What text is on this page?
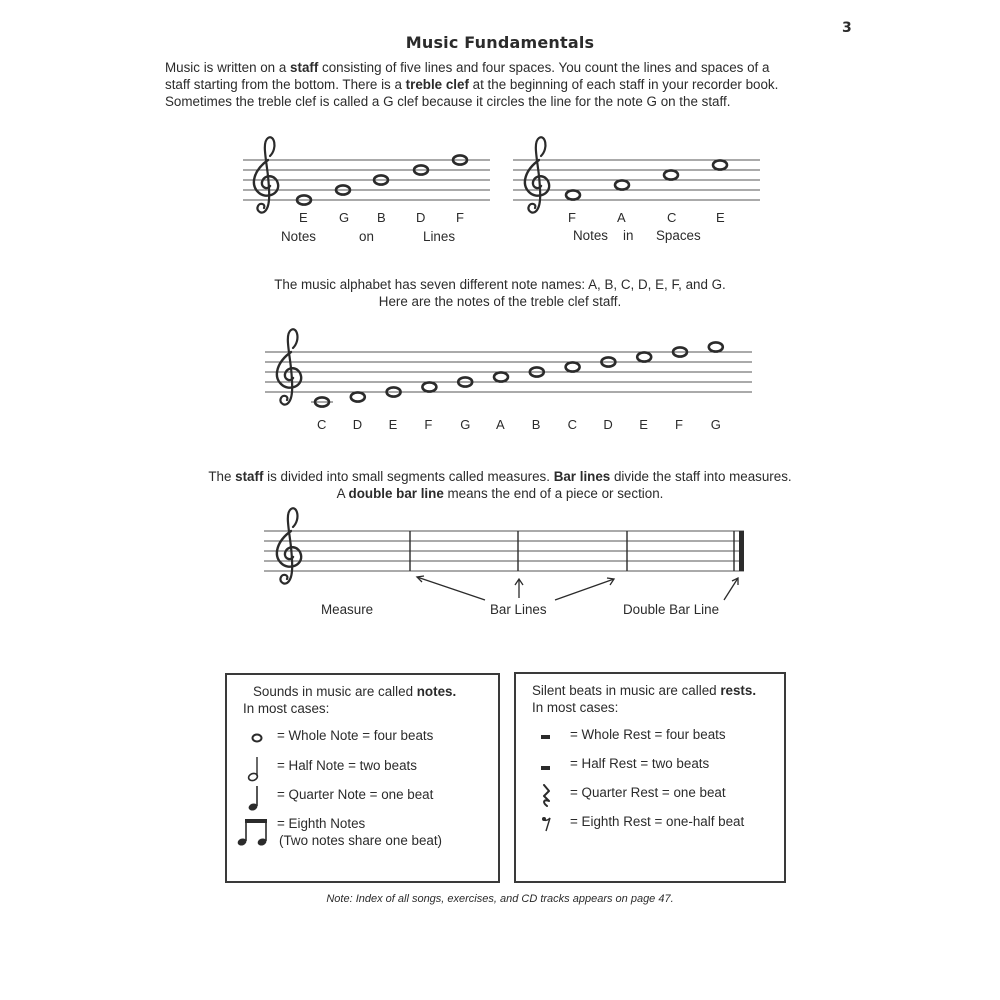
3
Music Fundamentals

Music is written on a staff consisting of five lines and four spaces. You count the lines and spaces of a

staff starting from the bottom. There is a treble clef at the beginning of each staff in your recorder book.

Sometimes the treble clef is called a G clef because it circles the line for the note G on the staff.

E G B D F
Notes	on	Lines
F	A	C	E
Notes in Spaces

The music alphabet has seven different note names: A, B, C, D, E, F, and G.

Here are the notes of the treble clef staff.

C D E F G A B C D E F G

The staff is divided into small segments called measures. Bar lines divide the staff into measures.

A double bar line means the end of a piece or section.

Measure	Bar Lines	Double Bar Line
Sounds in music are called notes.
In most cases:
= Whole Note = four beats
= Half Note = two beats
= Quarter Note = one beat
= Eighth Notes
(Two notes share one beat)
Silent beats in music are called rests.
In most cases:
= Whole Rest = four beats
= Half Rest = two beats
= Quarter Rest = one beat
= Eighth Rest = one-half beat
Note: Index of all songs, exercises, and CD tracks appears on page 47.
